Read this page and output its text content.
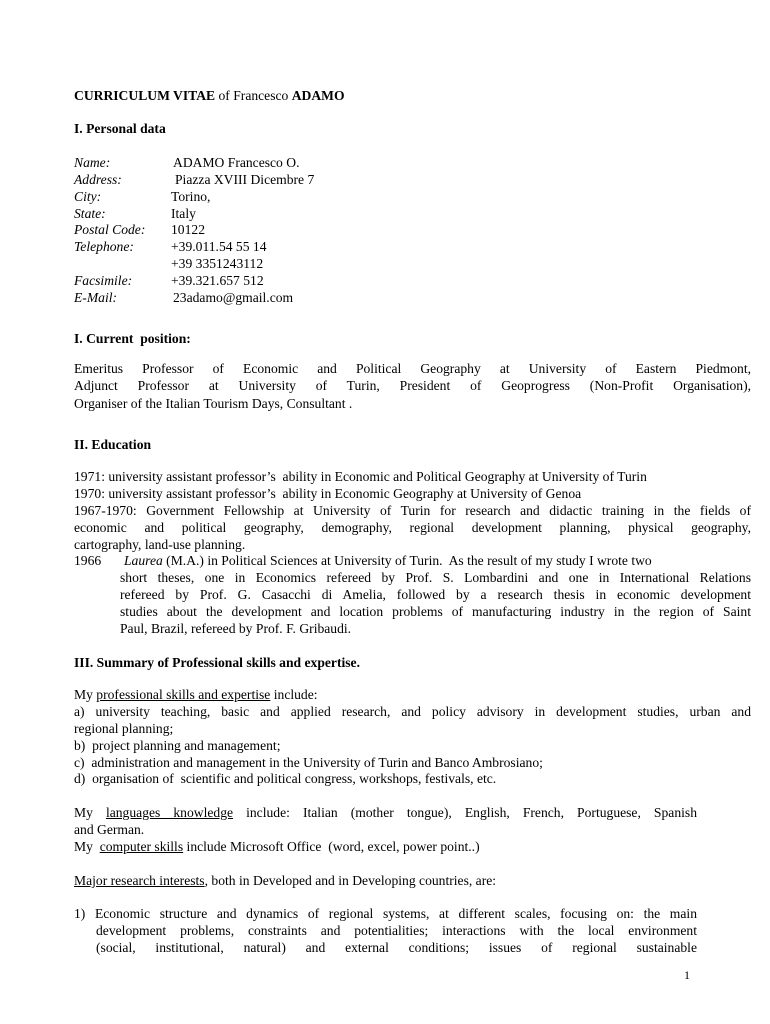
CURRICULUM VITAE of Francesco ADAMO
I. Personal data
Name:	ADAMO Francesco O.
Address:	Piazza XVIII Dicembre 7
City:	Torino,
State:	Italy
Postal Code: 10122
Telephone:	+39.011.54 55 14
+39 3351243112
Facsimile:	+39.321.657 512
E-Mail:	23adamo@gmail.com
I. Current  position:
Emeritus Professor of Economic and Political Geography at University of Eastern Piedmont,
Adjunct Professor at University of Turin, President of Geoprogress (Non-Profit Organisation),
Organiser of the Italian Tourism Days, Consultant .
II. Education
1971: university assistant professor’s  ability in Economic and Political Geography at University of Turin
1970: university assistant professor’s  ability in Economic Geography at University of Genoa
1967-1970: Government Fellowship at University of Turin for research and didactic training in the fields of
economic and political geography, demography, regional development planning, physical geography,
cartography, land-use planning.
1966 Laurea (M.A.) in Political Sciences at University of Turin.  As the result of my study I wrote two
short theses, one in Economics refereed by Prof. S. Lombardini and one in International Relations
refereed by Prof. G. Casacchi di Amelia, followed by a research thesis in economic development
studies about the development and location problems of manufacturing industry in the region of Saint
Paul, Brazil, refereed by Prof. F. Gribaudi.
III. Summary of Professional skills and expertise.
My professional skills and expertise include:
a) university teaching, basic and applied research, and policy advisory in development studies, urban and
regional planning;
b)  project planning and management;
c)  administration and management in the University of Turin and Banco Ambrosiano;
d)  organisation of  scientific and political congress, workshops, festivals, etc.
My languages knowledge include: Italian (mother tongue), English, French, Portuguese, Spanish
and German.
My  computer skills include Microsoft Office  (word, excel, power point..)
Major research interests, both in Developed and in Developing countries, are:
1) Economic structure and dynamics of regional systems, at different scales, focusing on: the main
development problems, constraints and potentialities; interactions with the local environment
(social, institutional, natural) and external conditions; issues of regional sustainable
1
